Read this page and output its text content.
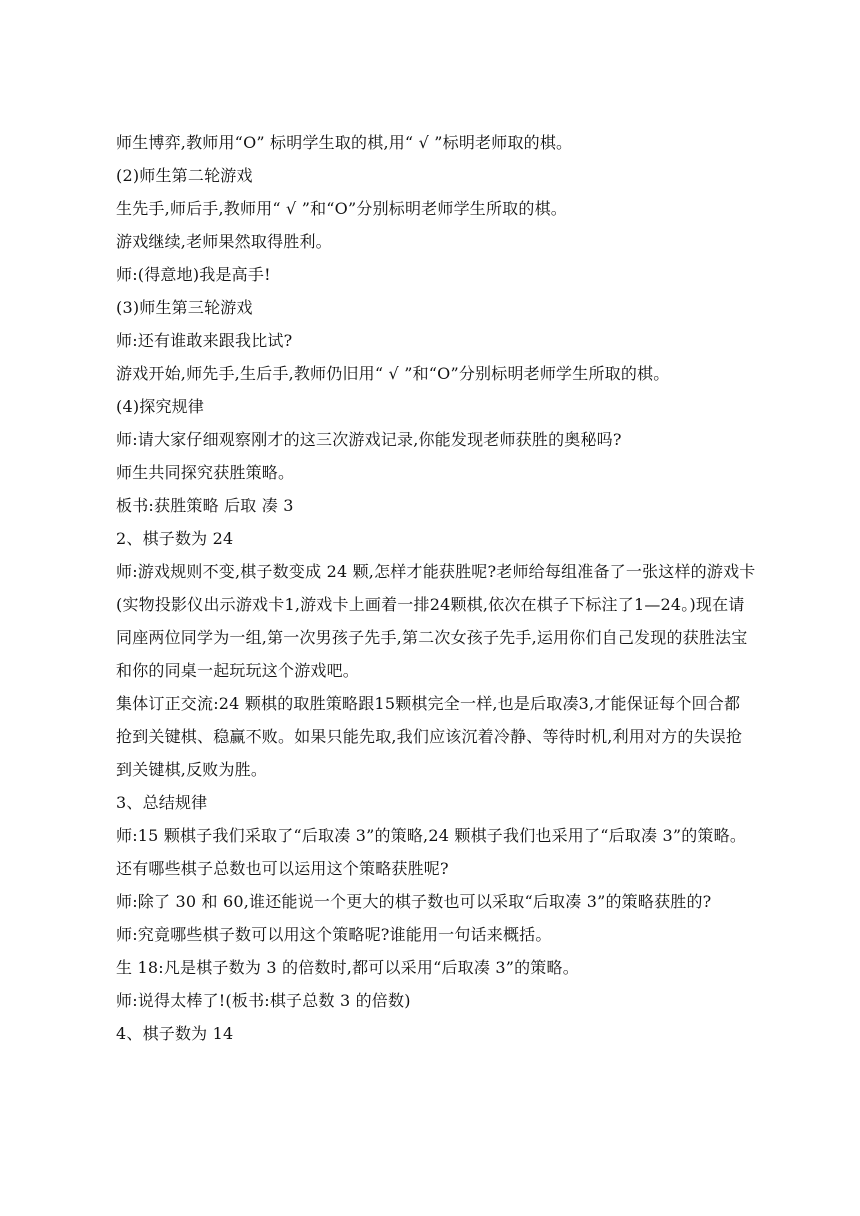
师生博弈,教师用“O” 标明学生取的棋,用“ √ ”标明老师取的棋。

(2)师生第二轮游戏

生先手,师后手,教师用“ √ ”和“O”分别标明老师学生所取的棋。

游戏继续,老师果然取得胜利。

师:(得意地)我是高手!

(3)师生第三轮游戏

师:还有谁敢来跟我比试?

游戏开始,师先手,生后手,教师仍旧用“ √ ”和“O”分别标明老师学生所取的棋。

(4)探究规律

师:请大家仔细观察刚才的这三次游戏记录,你能发现老师获胜的奥秘吗?

师生共同探究获胜策略。

板书:获胜策略 后取 凑 3

2、棋子数为 24

师:游戏规则不变,棋子数变成 24 颗,怎样才能获胜呢?老师给每组准备了一张这样的游戏卡(实物投影仪出示游戏卡1,游戏卡上画着一排24颗棋,依次在棋子下标注了1—24。)现在请同座两位同学为一组,第一次男孩子先手,第二次女孩子先手,运用你们自己发现的获胜法宝和你的同桌一起玩玩这个游戏吧。

集体订正交流:24 颗棋的取胜策略跟15颗棋完全一样,也是后取凑3,才能保证每个回合都抢到关键棋、稳赢不败。如果只能先取,我们应该沉着冷静、等待时机,利用对方的失误抢到关键棋,反败为胜。

3、总结规律

师:15 颗棋子我们采取了“后取凑 3”的策略,24 颗棋子我们也采用了“后取凑 3”的策略。还有哪些棋子总数也可以运用这个策略获胜呢?

师:除了 30 和 60,谁还能说一个更大的棋子数也可以采取“后取凑 3”的策略获胜的?

师:究竟哪些棋子数可以用这个策略呢?谁能用一句话来概括。

生 18:凡是棋子数为 3 的倍数时,都可以采用“后取凑 3”的策略。

师:说得太棒了!(板书:棋子总数 3 的倍数)

4、棋子数为 14
